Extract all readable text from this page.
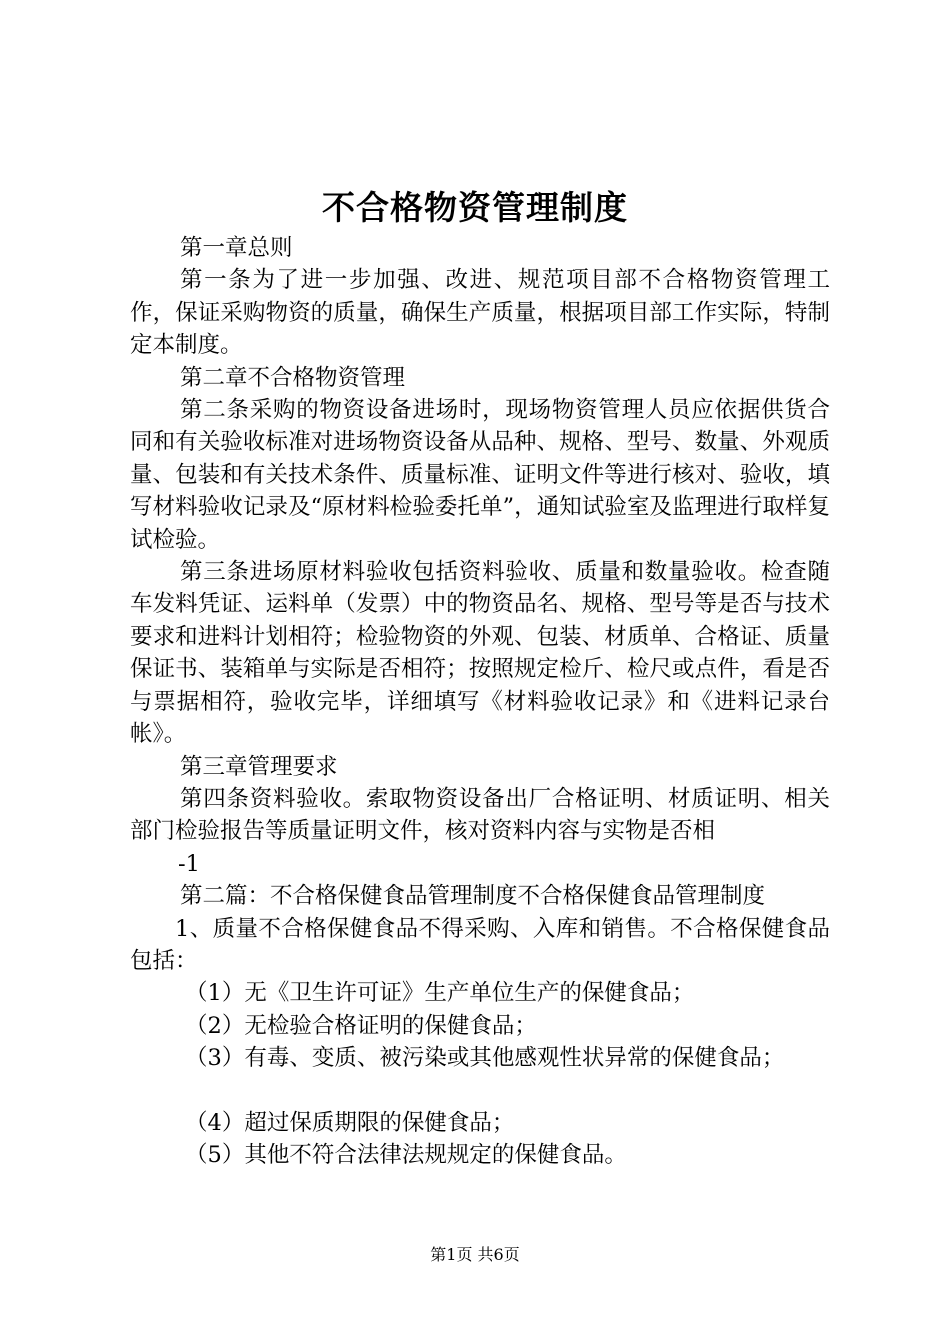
不合格物资管理制度

第一章总则

第一条为了进一步加强、改进、规范项目部不合格物资管理工作，保证采购物资的质量，确保生产质量，根据项目部工作实际，特制定本制度。

第二章不合格物资管理

第二条采购的物资设备进场时，现场物资管理人员应依据供货合同和有关验收标准对进场物资设备从品种、规格、型号、数量、外观质量、包装和有关技术条件、质量标准、证明文件等进行核对、验收，填写材料验收记录及“原材料检验委托单”，通知试验室及监理进行取样复试检验。

第三条进场原材料验收包括资料验收、质量和数量验收。检查随车发料凭证、运料单（发票）中的物资品名、规格、型号等是否与技术要求和进料计划相符；检验物资的外观、包装、材质单、合格证、质量保证书、装箱单与实际是否相符；按照规定检斤、检尺或点件，看是否与票据相符，验收完毕，详细填写《材料验收记录》和《进料记录台帐》。

第三章管理要求

第四条资料验收。索取物资设备出厂合格证明、材质证明、相关部门检验报告等质量证明文件，核对资料内容与实物是否相

-1

第二篇：不合格保健食品管理制度不合格保健食品管理制度

1、质量不合格保健食品不得采购、入库和销售。不合格保健食品包括：

（1）无《卫生许可证》生产单位生产的保健食品；

（2）无检验合格证明的保健食品；

（3）有毒、变质、被污染或其他感观性状异常的保健食品；

（4）超过保质期限的保健食品；

（5）其他不符合法律法规规定的保健食品。

第1页 共6页
